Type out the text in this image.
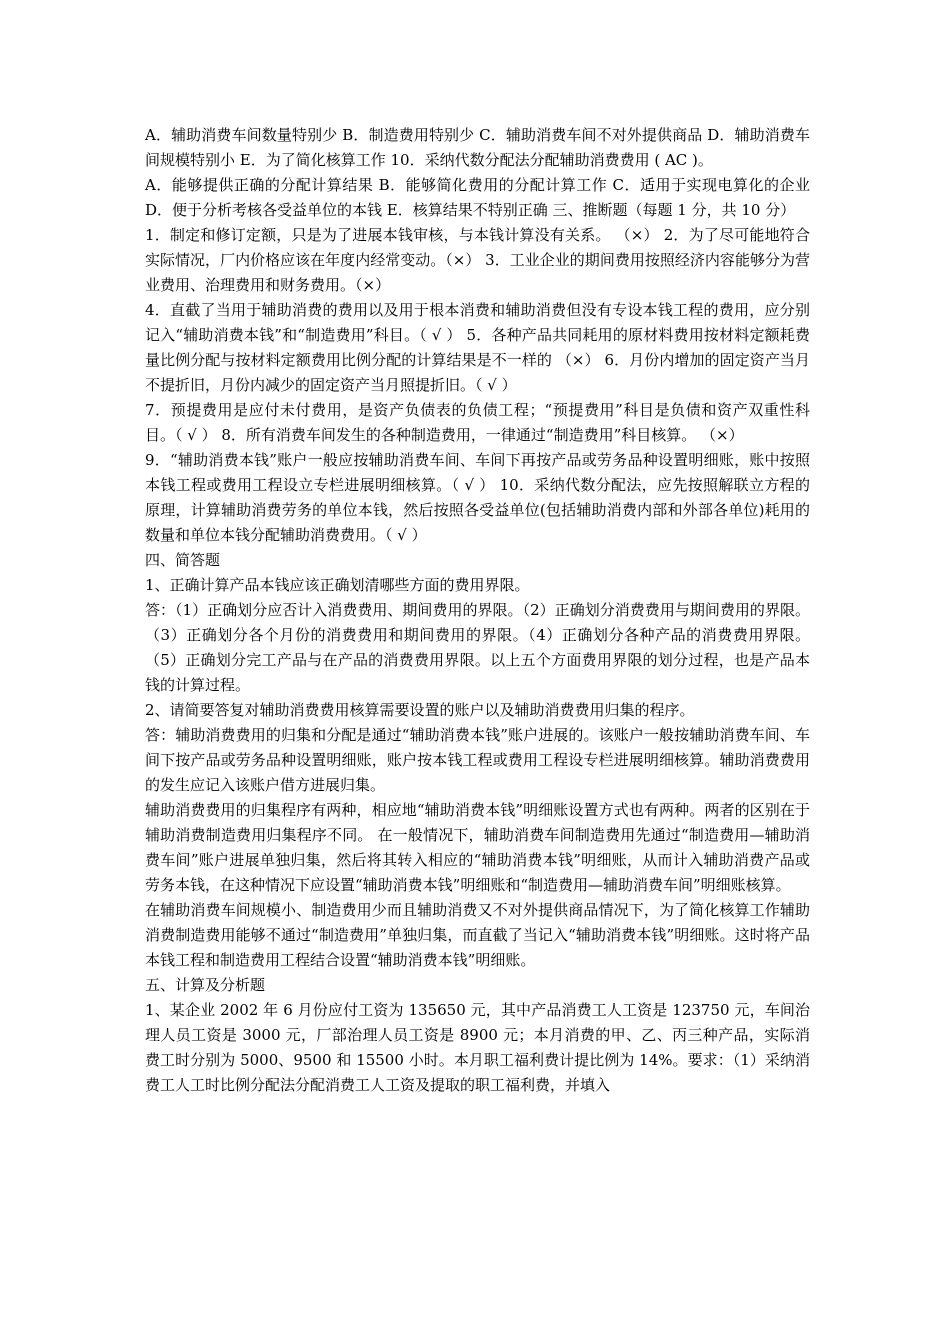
A．辅助消费车间数量特别少 B．制造费用特别少 C．辅助消费车间不对外提供商品 D．辅助消费车间规模特别小 E．为了简化核算工作 10．采纳代数分配法分配辅助消费费用 ( AC )。

A．能够提供正确的分配计算结果 B．能够简化费用的分配计算工作 C．适用于实现电算化的企业 D．便于分析考核各受益单位的本钱 E．核算结果不特别正确 三、推断题（每题 1 分，共 10 分）

1．制定和修订定额，只是为了进展本钱审核，与本钱计算没有关系。 （×） 2．为了尽可能地符合实际情况，厂内价格应该在年度内经常变动。（×） 3．工业企业的期间费用按照经济内容能够分为营业费用、治理费用和财务费用。（×）

4．直截了当用于辅助消费的费用以及用于根本消费和辅助消费但没有专设本钱工程的费用，应分别记入“辅助消费本钱”和“制造费用”科目。（ √ ） 5．各种产品共同耗用的原材料费用按材料定额耗费量比例分配与按材料定额费用比例分配的计算结果是不一样的 （×） 6．月份内增加的固定资产当月不提折旧，月份内减少的固定资产当月照提折旧。（ √ ）

7．预提费用是应付未付费用，是资产负债表的负债工程；“预提费用”科目是负债和资产双重性科目。（ √ ） 8．所有消费车间发生的各种制造费用，一律通过“制造费用”科目核算。 （×）

9．“辅助消费本钱”账户一般应按辅助消费车间、车间下再按产品或劳务品种设置明细账，账中按照本钱工程或费用工程设立专栏进展明细核算。（ √ ） 10．采纳代数分配法，应先按照解联立方程的原理，计算辅助消费劳务的单位本钱，然后按照各受益单位(包括辅助消费内部和外部各单位)耗用的数量和单位本钱分配辅助消费费用。（ √ ）

四、简答题

1、正确计算产品本钱应该正确划清哪些方面的费用界限。

答：（1）正确划分应否计入消费费用、期间费用的界限。（2）正确划分消费费用与期间费用的界限。（3）正确划分各个月份的消费费用和期间费用的界限。（4）正确划分各种产品的消费费用界限。（5）正确划分完工产品与在产品的消费费用界限。以上五个方面费用界限的划分过程，也是产品本钱的计算过程。

2、请简要答复对辅助消费费用核算需要设置的账户以及辅助消费费用归集的程序。

答：辅助消费费用的归集和分配是通过“辅助消费本钱”账户进展的。该账户一般按辅助消费车间、车间下按产品或劳务品种设置明细账，账户按本钱工程或费用工程设专栏进展明细核算。辅助消费费用的发生应记入该账户借方进展归集。

辅助消费费用的归集程序有两种，相应地“辅助消费本钱”明细账设置方式也有两种。两者的区别在于辅助消费制造费用归集程序不同。 在一般情况下，辅助消费车间制造费用先通过“制造费用—辅助消费车间”账户进展单独归集，然后将其转入相应的“辅助消费本钱”明细账，从而计入辅助消费产品或劳务本钱，在这种情况下应设置“辅助消费本钱”明细账和“制造费用—辅助消费车间”明细账核算。

在辅助消费车间规模小、制造费用少而且辅助消费又不对外提供商品情况下，为了简化核算工作辅助消费制造费用能够不通过“制造费用”单独归集，而直截了当记入“辅助消费本钱”明细账。这时将产品本钱工程和制造费用工程结合设置“辅助消费本钱”明细账。

五、计算及分析题

1、某企业 2002 年 6 月份应付工资为 135650 元，其中产品消费工人工资是 123750 元，车间治理人员工资是 3000 元，厂部治理人员工资是 8900 元；本月消费的甲、乙、丙三种产品，实际消费工时分别为 5000、9500 和 15500 小时。本月职工福利费计提比例为 14%。要求：（1）采纳消费工人工时比例分配法分配消费工人工资及提取的职工福利费，并填入
